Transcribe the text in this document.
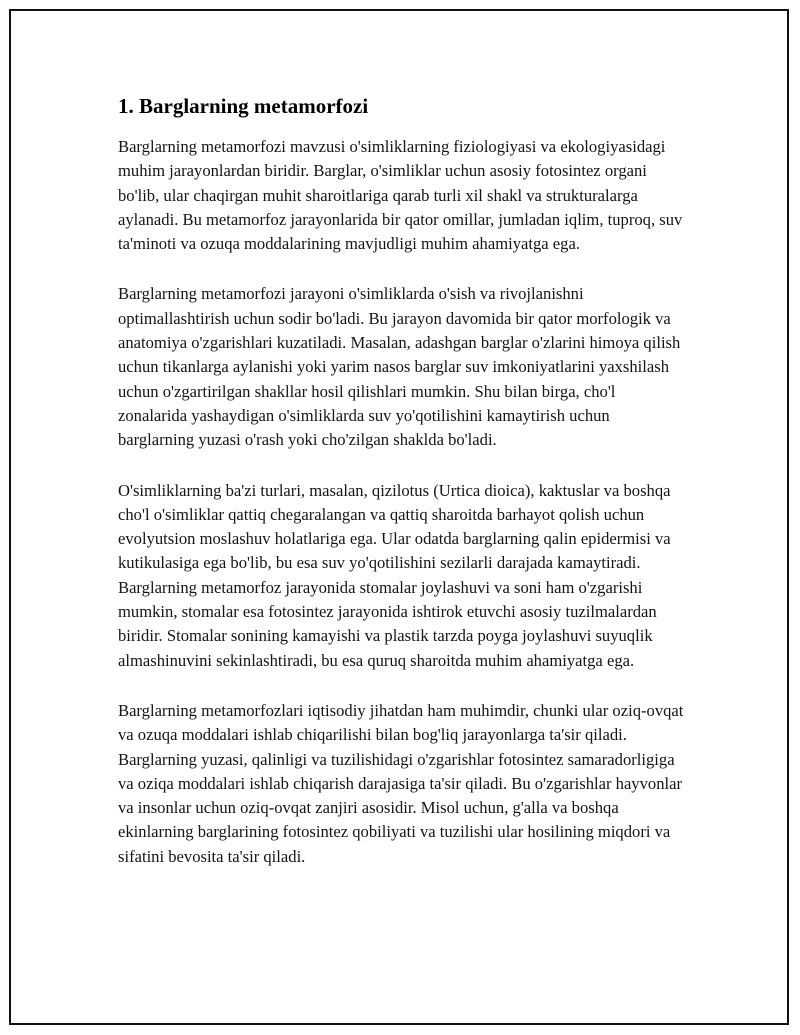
1. Barglarning metamorfozi

Barglarning metamorfozi mavzusi o'simliklarning fiziologiyasi va ekologiyasidagi muhim jarayonlardan biridir. Barglar, o'simliklar uchun asosiy fotosintez organi bo'lib, ular chaqirgan muhit sharoitlariga qarab turli xil shakl va strukturalarga aylanadi. Bu metamorfoz jarayonlarida bir qator omillar, jumladan iqlim, tuproq, suv ta'minoti va ozuqa moddalarining mavjudligi muhim ahamiyatga ega.

Barglarning metamorfozi jarayoni o'simliklarda o'sish va rivojlanishni optimallashtirish uchun sodir bo'ladi. Bu jarayon davomida bir qator morfologik va anatomiya o'zgarishlari kuzatiladi. Masalan, adashgan barglar o'zlarini himoya qilish uchun tikanlarga aylanishi yoki yarim nasos barglar suv imkoniyatlarini yaxshilash uchun o'zgartirilgan shakllar hosil qilishlari mumkin. Shu bilan birga, cho'l zonalarida yashaydigan o'simliklarda suv yo'qotilishini kamaytirish uchun barglarning yuzasi o'rash yoki cho'zilgan shaklda bo'ladi.

O'simliklarning ba'zi turlari, masalan, qizilotus (Urtica dioica), kaktuslar va boshqa cho'l o'simliklar qattiq chegaralangan va qattiq sharoitda barhayot qolish uchun evolyutsion moslashuv holatlariga ega. Ular odatda barglarning qalin epidermisi va kutikulasiga ega bo'lib, bu esa suv yo'qotilishini sezilarli darajada kamaytiradi. Barglarning metamorfoz jarayonida stomalar joylashuvi va soni ham o'zgarishi mumkin, stomalar esa fotosintez jarayonida ishtirok etuvchi asosiy tuzilmalardan biridir. Stomalar sonining kamayishi va plastik tarzda poyga joylashuvi suyuqlik almashinuvini sekinlashtiradi, bu esa quruq sharoitda muhim ahamiyatga ega.

Barglarning metamorfozlari iqtisodiy jihatdan ham muhimdir, chunki ular oziq-ovqat va ozuqa moddalari ishlab chiqarilishi bilan bog'liq jarayonlarga ta'sir qiladi. Barglarning yuzasi, qalinligi va tuzilishidagi o'zgarishlar fotosintez samaradorligiga va oziqa moddalari ishlab chiqarish darajasiga ta'sir qiladi. Bu o'zgarishlar hayvonlar va insonlar uchun oziq-ovqat zanjiri asosidir. Misol uchun, g'alla va boshqa ekinlarning barglarining fotosintez qobiliyati va tuzilishi ular hosilining miqdori va sifatini bevosita ta'sir qiladi.
